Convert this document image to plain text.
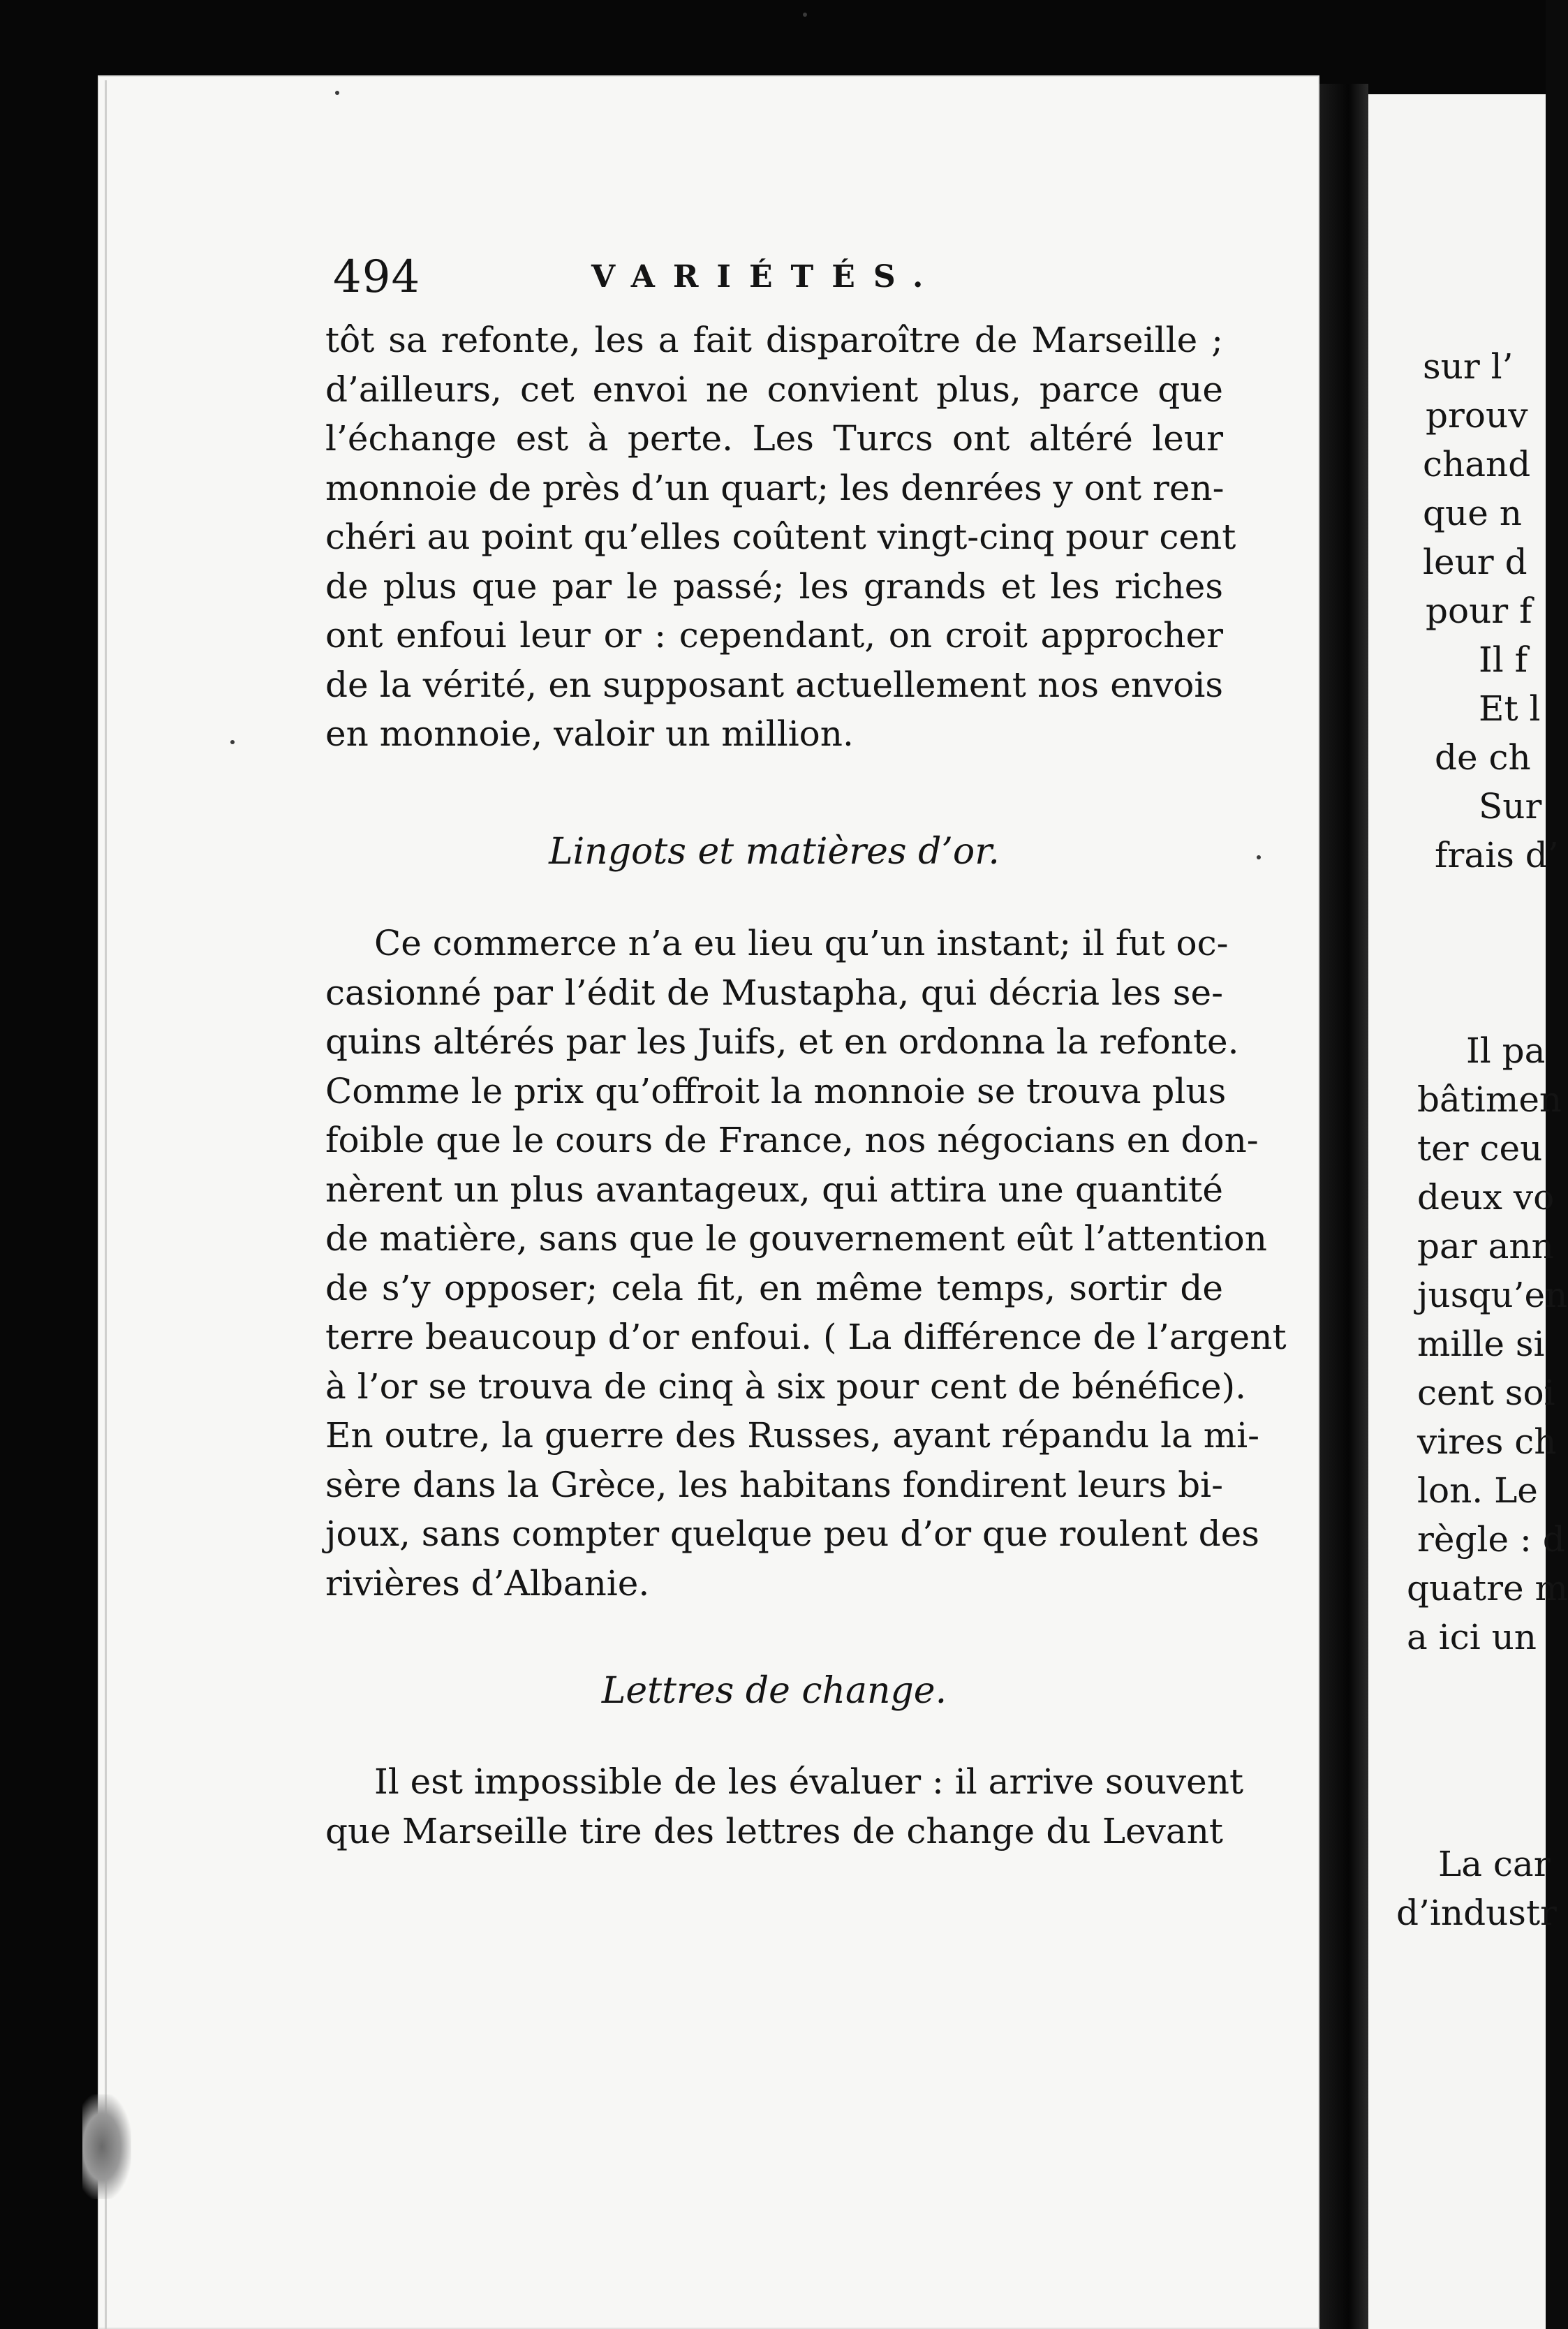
sur l’
prouv
chand
que n
leur d
pour f
Il f
Et l
de ch
Sur
frais d’
Il pa
bâtimen
ter ceu
deux vo
par ann
jusqu’en
mille si
cent soi
vires ch
lon. Le
règle : d
quatre m
a ici un
La car
d’industr
494	VARIÉTÉS.
tôt sa refonte, les a fait disparoître de Marseille ;
d’ailleurs, cet envoi ne convient plus, parce que
l’échange est à perte. Les Turcs ont altéré leur
monnoie de près d’un quart; les denrées y ont ren-
chéri au point qu’elles coûtent vingt-cinq pour cent
de plus que par le passé; les grands et les riches
ont enfoui leur or : cependant, on croit approcher
de la vérité, en supposant actuellement nos envois
en monnoie, valoir un million.
Lingots et matières d’or.
Ce commerce n’a eu lieu qu’un instant; il fut oc-
casionné par l’édit de Mustapha, qui décria les se-
quins altérés par les Juifs, et en ordonna la refonte.
Comme le prix qu’offroit la monnoie se trouva plus
foible que le cours de France, nos négocians en don-
nèrent un plus avantageux, qui attira une quantité
de matière, sans que le gouvernement eût l’attention
de s’y opposer; cela fit, en même temps, sortir de
terre beaucoup d’or enfoui. ( La différence de l’argent
à l’or se trouva de cinq à six pour cent de bénéfice).
En outre, la guerre des Russes, ayant répandu la mi-
sère dans la Grèce, les habitans fondirent leurs bi-
joux, sans compter quelque peu d’or que roulent des
rivières d’Albanie.
Lettres de change.
Il est impossible de les évaluer : il arrive souvent
que Marseille tire des lettres de change du Levant
